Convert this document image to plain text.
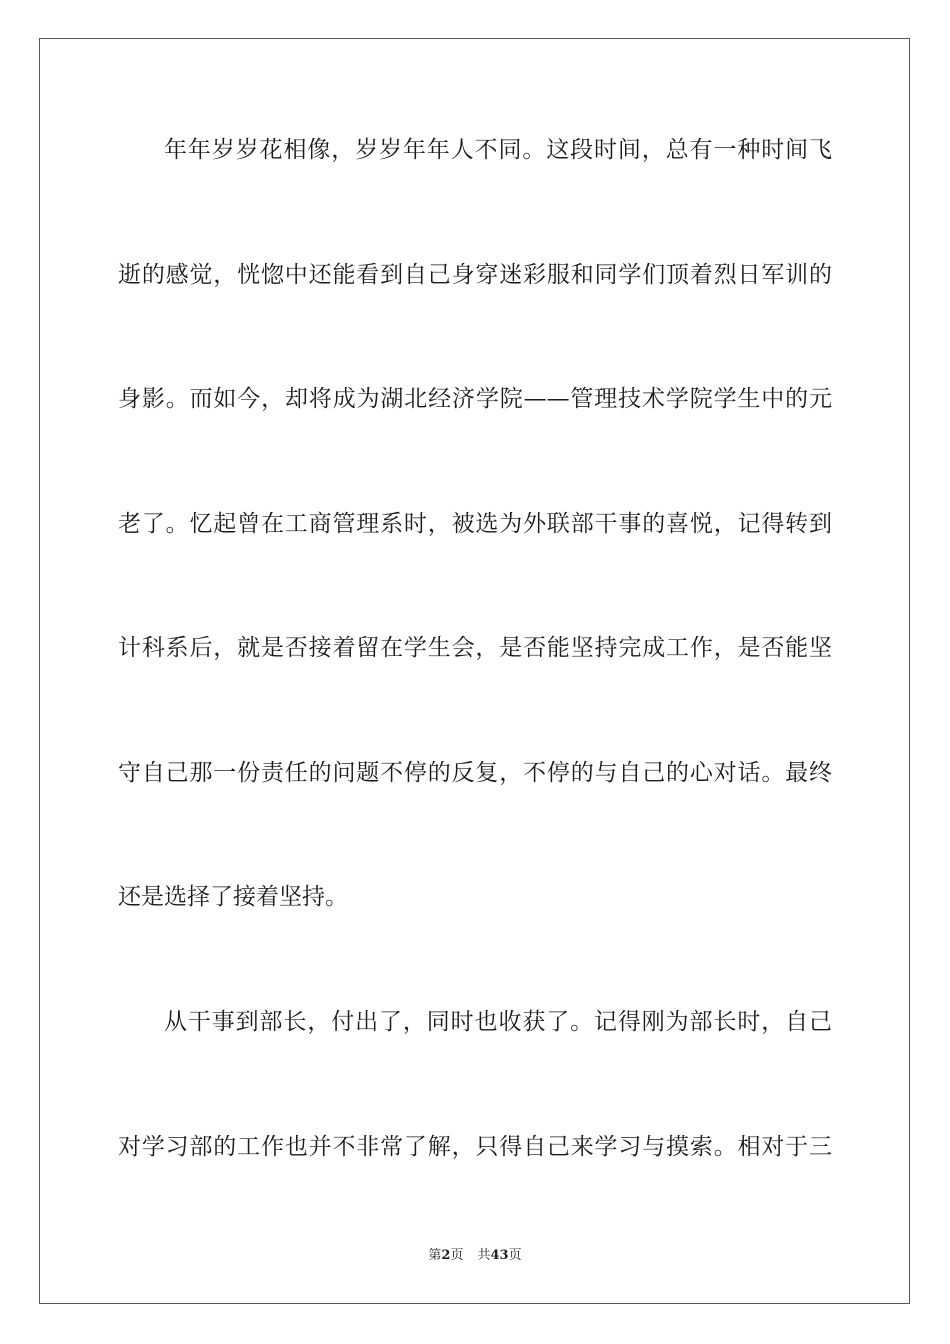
年年岁岁花相像，岁岁年年人不同。这段时间，总有一种时间飞
逝的感觉，恍惚中还能看到自己身穿迷彩服和同学们顶着烈日军训的
身影。而如今，却将成为湖北经济学院——管理技术学院学生中的元
老了。忆起曾在工商管理系时，被选为外联部干事的喜悦，记得转到
计科系后，就是否接着留在学生会，是否能坚持完成工作，是否能坚
守自己那一份责任的问题不停的反复，不停的与自己的心对话。最终
还是选择了接着坚持。
从干事到部长，付出了，同时也收获了。记得刚为部长时，自己
对学习部的工作也并不非常了解，只得自己来学习与摸索。相对于三
第2页 共43页
